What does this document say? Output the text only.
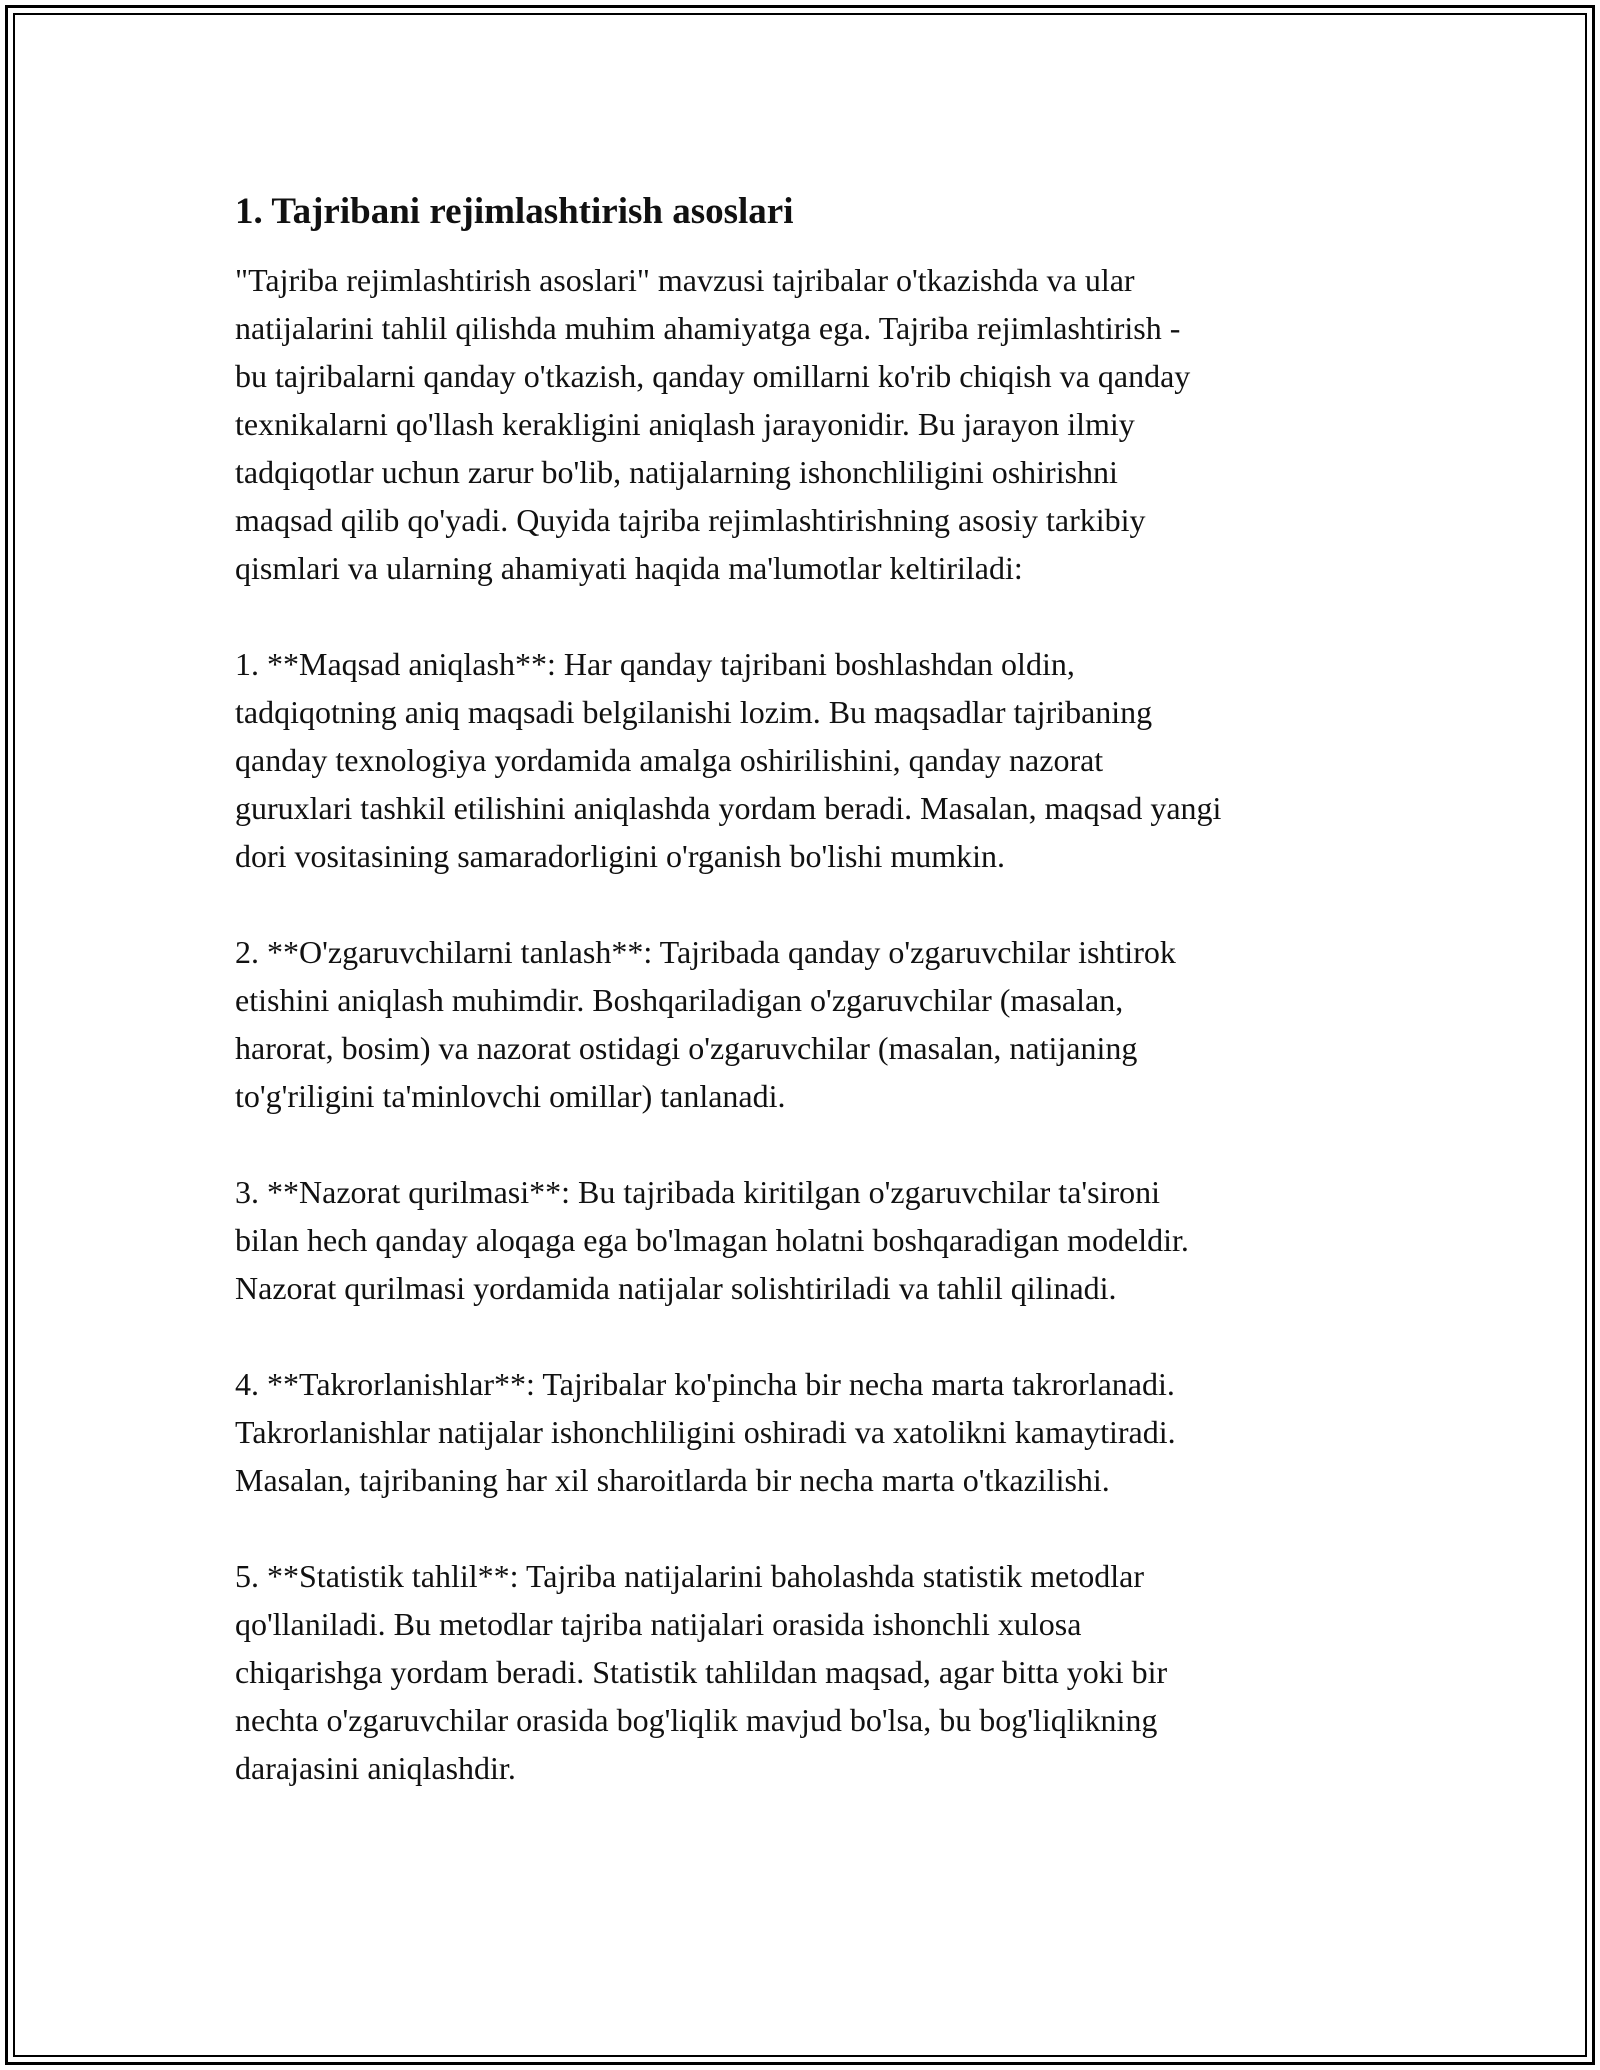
1. Tajribani rejimlashtirish asoslari

"Tajriba rejimlashtirish asoslari" mavzusi tajribalar o'tkazishda va ular
natijalarini tahlil qilishda muhim ahamiyatga ega. Tajriba rejimlashtirish -
bu tajribalarni qanday o'tkazish, qanday omillarni ko'rib chiqish va qanday
texnikalarni qo'llash kerakligini aniqlash jarayonidir. Bu jarayon ilmiy
tadqiqotlar uchun zarur bo'lib, natijalarning ishonchliligini oshirishni
maqsad qilib qo'yadi. Quyida tajriba rejimlashtirishning asosiy tarkibiy
qismlari va ularning ahamiyati haqida ma'lumotlar keltiriladi:

1. **Maqsad aniqlash**: Har qanday tajribani boshlashdan oldin,
tadqiqotning aniq maqsadi belgilanishi lozim. Bu maqsadlar tajribaning
qanday texnologiya yordamida amalga oshirilishini, qanday nazorat
guruxlari tashkil etilishini aniqlashda yordam beradi. Masalan, maqsad yangi
dori vositasining samaradorligini o'rganish bo'lishi mumkin.

2. **O'zgaruvchilarni tanlash**: Tajribada qanday o'zgaruvchilar ishtirok
etishini aniqlash muhimdir. Boshqariladigan o'zgaruvchilar (masalan,
harorat, bosim) va nazorat ostidagi o'zgaruvchilar (masalan, natijaning
to'g'riligini ta'minlovchi omillar) tanlanadi.

3. **Nazorat qurilmasi**: Bu tajribada kiritilgan o'zgaruvchilar ta'sironi
bilan hech qanday aloqaga ega bo'lmagan holatni boshqaradigan modeldir.
Nazorat qurilmasi yordamida natijalar solishtiriladi va tahlil qilinadi.

4. **Takrorlanishlar**: Tajribalar ko'pincha bir necha marta takrorlanadi.
Takrorlanishlar natijalar ishonchliligini oshiradi va xatolikni kamaytiradi.
Masalan, tajribaning har xil sharoitlarda bir necha marta o'tkazilishi.

5. **Statistik tahlil**: Tajriba natijalarini baholashda statistik metodlar
qo'llaniladi. Bu metodlar tajriba natijalari orasida ishonchli xulosa
chiqarishga yordam beradi. Statistik tahlildan maqsad, agar bitta yoki bir
nechta o'zgaruvchilar orasida bog'liqlik mavjud bo'lsa, bu bog'liqlikning
darajasini aniqlashdir.
